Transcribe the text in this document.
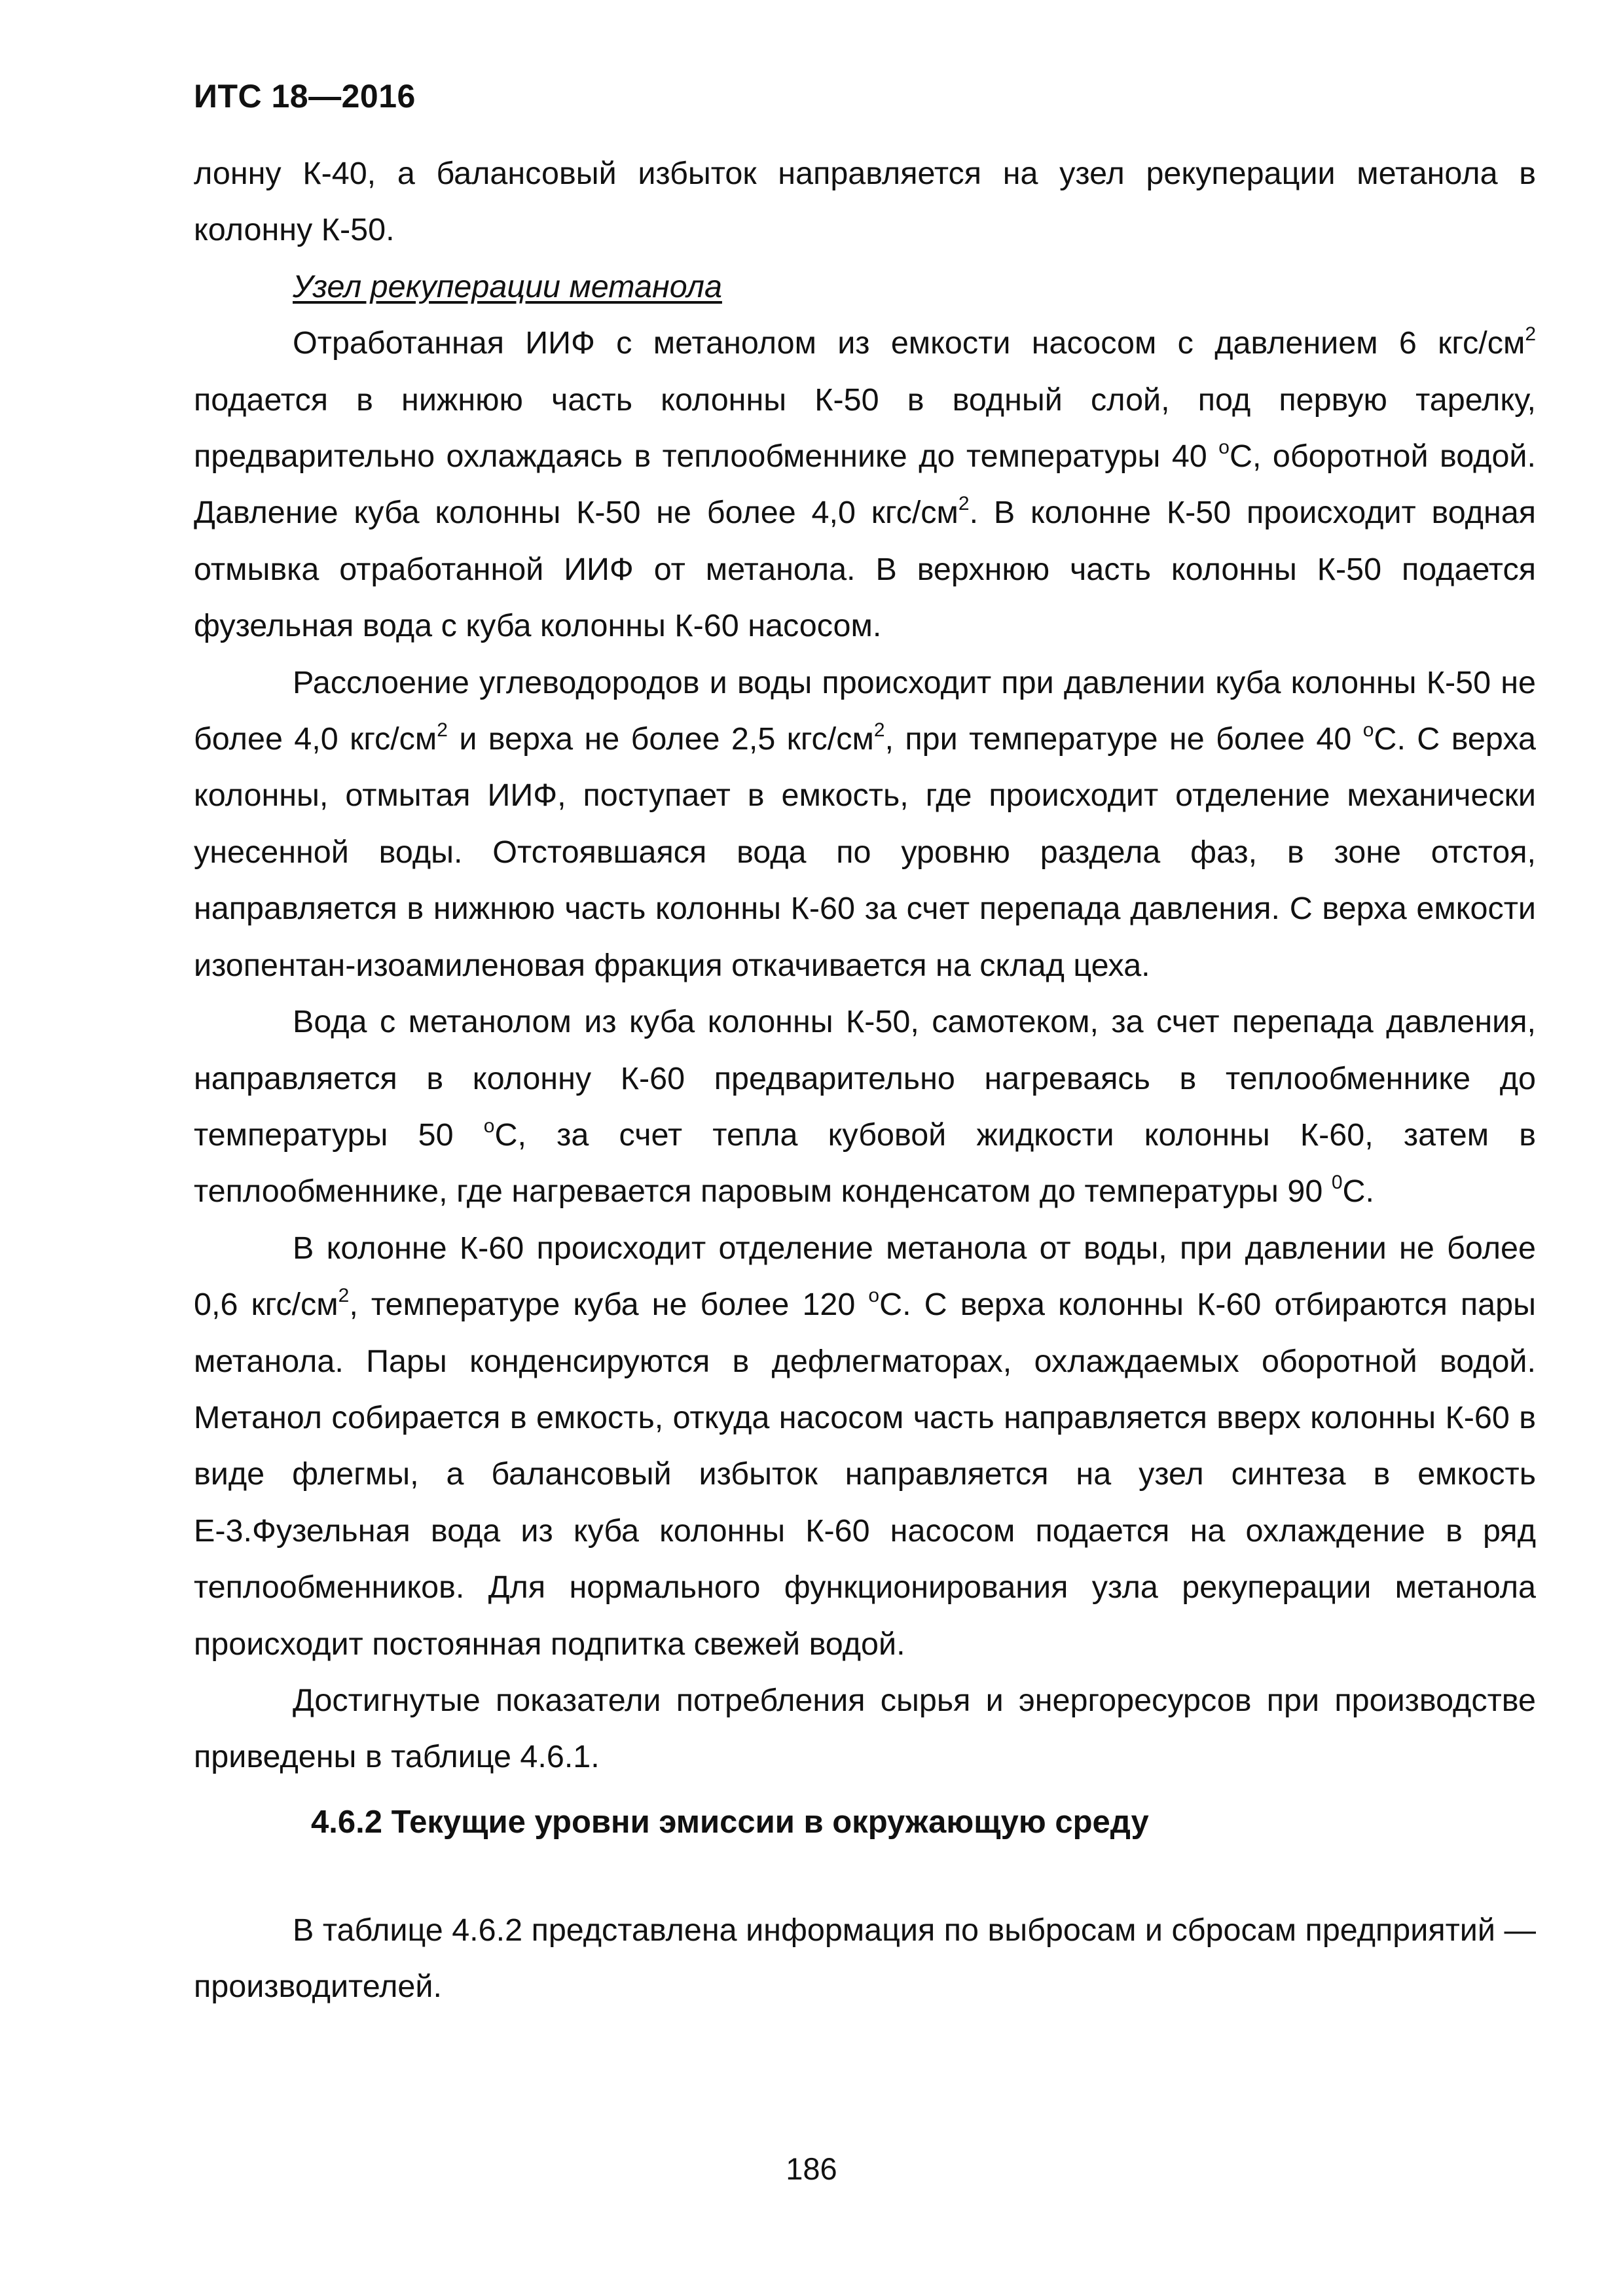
ИТС 18—2016

лонну К-40, а балансовый избыток направляется на узел рекуперации метанола в колонну К-50.

Узел рекуперации метанола

Отработанная ИИФ с метанолом из емкости насосом с давлением 6 кгс/$см^2$ подается в нижнюю часть колонны К-50 в водный слой, под первую тарелку, предварительно охлаждаясь в теплообменнике до температуры 40 $^о$С, оборотной водой. Давление куба колонны К-50 не более 4,0 кгс/$см^2$. В колонне К-50 происходит водная отмывка отработанной ИИФ от метанола. В верхнюю часть колонны К-50 подается фузельная вода с куба колонны К-60 насосом.

Расслоение углеводородов и воды происходит при давлении куба колонны К-50 не более 4,0 кгс/$см^2$ и верха не более 2,5 кгс/$см^2$, при температуре не более 40 $^о$С. С верха колонны, отмытая ИИФ, поступает в емкость, где происходит отделение механически унесенной воды. Отстоявшаяся вода по уровню раздела фаз, в зоне отстоя, направляется в нижнюю часть колонны К-60 за счет перепада давления. С верха емкости изопентан-изоамиленовая фракция откачивается на склад цеха.

Вода с метанолом из куба колонны К-50, самотеком, за счет перепада давления, направляется в колонну К-60 предварительно нагреваясь в теплообменнике до температуры 50 $^о$С, за счет тепла кубовой жидкости колонны К-60, затем в теплообменнике, где нагревается паровым конденсатом до температуры 90 $^0$С.

В колонне К-60 происходит отделение метанола от воды, при давлении не более 0,6 кгс/$см^2$, температуре куба не более 120 $^о$С. С верха колонны К-60 отбираются пары метанола. Пары конденсируются в дефлегматорах, охлаждаемых оборотной водой. Метанол собирается в емкость, откуда насосом часть направляется вверх колонны К-60 в виде флегмы, а балансовый избыток направляется на узел синтеза в емкость Е-3.Фузельная вода из куба колонны К-60 насосом подается на охлаждение в ряд теплообменников. Для нормального функционирования узла рекуперации метанола происходит постоянная подпитка свежей водой.

Достигнутые показатели потребления сырья и энергоресурсов при производстве приведены в таблице 4.6.1.

4.6.2 Текущие уровни эмиссии в окружающую среду

В таблице 4.6.2 представлена информация по выбросам и сбросам предприятий — производителей.

186
